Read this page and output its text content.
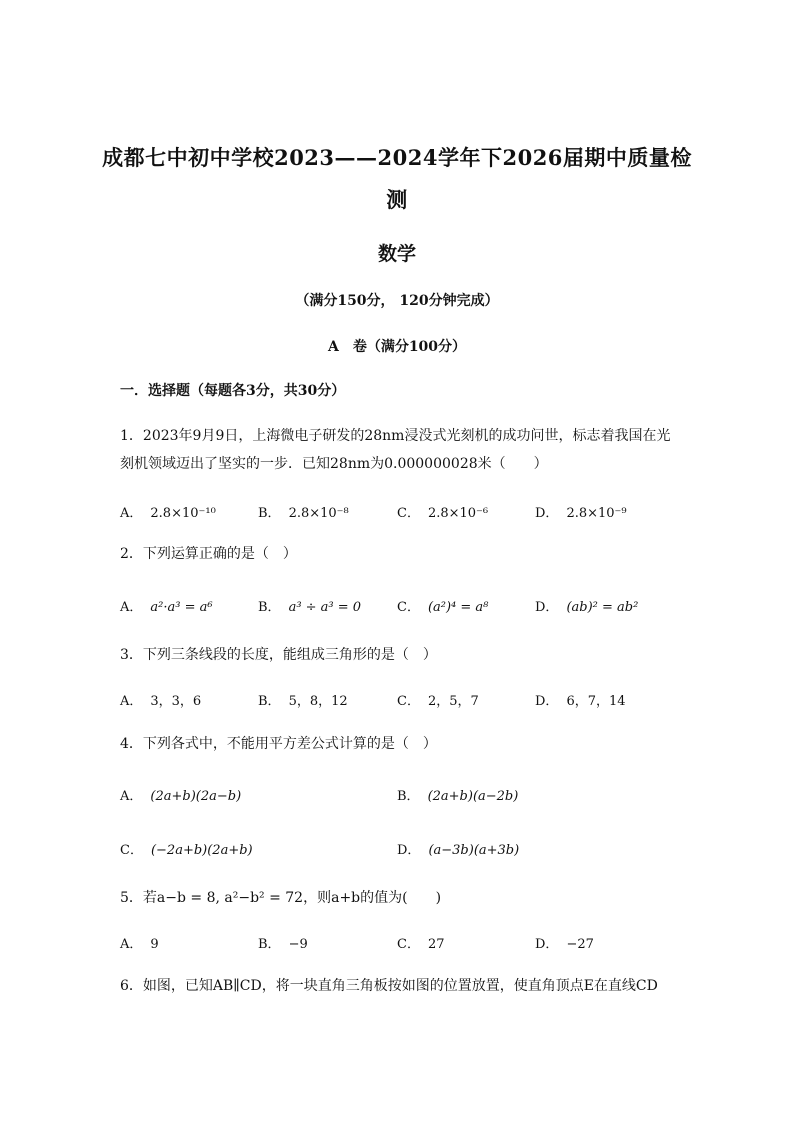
成都七中初中学校2023——2024学年下2026届期中质量检
测
数学
（满分150分， 120分钟完成）
A　卷（满分100分）
一．选择题（每题各3分，共30分）
1．2023年9月9日，上海微电子研发的28nm浸没式光刻机的成功问世，标志着我国在光刻机领域迈出了坚实的一步．已知28nm为0.000000028米（　　）
A． 2.8×10⁻¹⁰	B． 2.8×10⁻⁸	C． 2.8×10⁻⁶	D． 2.8×10⁻⁹
2．下列运算正确的是（　）
A． a²·a³ = a⁶	B． a³ ÷ a³ = 0	C． (a²)⁴ = a⁸	D． (ab)² = ab²
3．下列三条线段的长度，能组成三角形的是（　）
A． 3，3，6	B． 5，8，12	C． 2，5，7	D． 6，7，14
4．下列各式中，不能用平方差公式计算的是（　）
A． (2a+b)(2a−b)	B． (2a+b)(a−2b)
C． (−2a+b)(2a+b)	D． (a−3b)(a+3b)
5．若a−b = 8, a²−b² = 72，则a+b的值为(　　)
A． 9	B． −9	C． 27	D． −27
6．如图，已知AB∥CD，将一块直角三角板按如图的位置放置，使直角顶点E在直线CD
